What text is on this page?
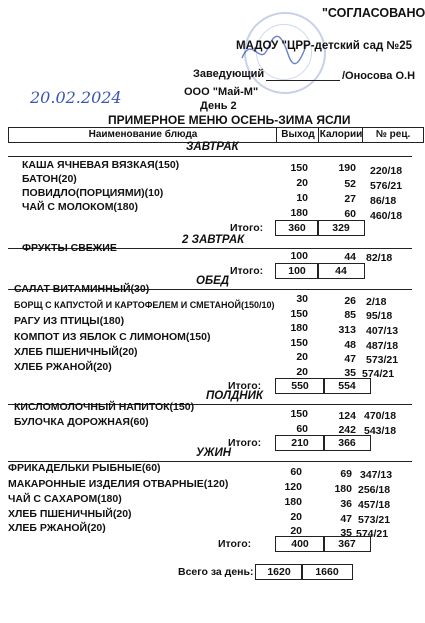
"СОГЛАСОВАНО
МАДОУ "ЦРР-детский сад №25
Заведующий	/Оносова О.Н
20.02.2024	ООО "Май-М"
День 2
ПРИМЕРНОЕ МЕНЮ ОСЕНЬ-ЗИМА ЯСЛИ
Наименование блюда	Выход Калории	№ рец.
ЗАВТРАК
КАША ЯЧНЕВАЯ ВЯЗКАЯ(150)	150	190 220/18
БАТОН(20)	20	52 576/21
ПОВИДЛО(ПОРЦИЯМИ)(10)	10	27 86/18
ЧАЙ С МОЛОКОМ(180)	180	60 460/18
Итого:	360	329
2 ЗАВТРАК
ФРУКТЫ СВЕЖИЕ
100	44 82/18
Итого:	100	44
ОБЕД
САЛАТ ВИТАМИННЫЙ(30)
30	26 2/18
БОРЩ С КАПУСТОЙ И КАРТОФЕЛЕМ И СМЕТАНОЙ(150/10)
150	85 95/18
РАГУ ИЗ ПТИЦЫ(180)
180	313 407/13
КОМПОТ ИЗ ЯБЛОК С ЛИМОНОМ(150)	150	48 487/18
ХЛЕБ ПШЕНИЧНЫЙ(20)	20	47 573/21
ХЛЕБ РЖАНОЙ(20)	20	35 574/21
Итого:	550	554
ПОЛДНИК
КИСЛОМОЛОЧНЫЙ НАПИТОК(150)
150	124 470/18
БУЛОЧКА ДОРОЖНАЯ(60)
60	242 543/18
Итого:	210	366
УЖИН
ФРИКАДЕЛЬКИ РЫБНЫЕ(60)	60	69 347/13
МАКАРОННЫЕ ИЗДЕЛИЯ ОТВАРНЫЕ(120)	120	180 256/18
ЧАЙ С САХАРОМ(180)	180	36 457/18
ХЛЕБ ПШЕНИЧНЫЙ(20)	20	47 573/21
ХЛЕБ РЖАНОЙ(20)	20	35 574/21
Итого:	400	367
Всего за день:	1620	1660
